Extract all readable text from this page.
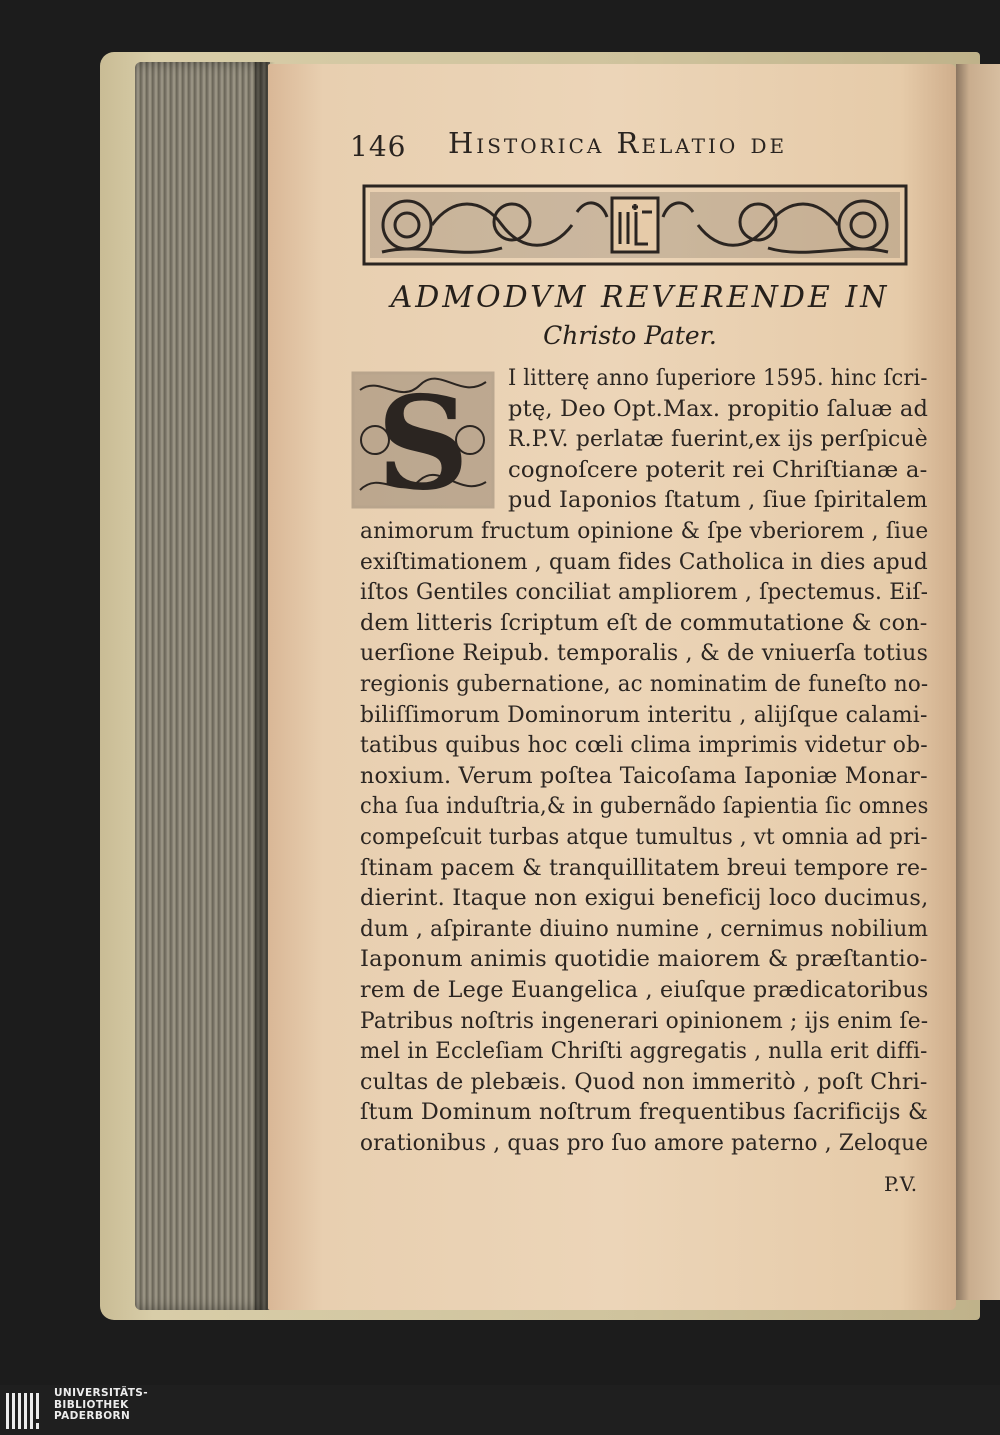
146 Historica Relatio de
ADMODVM REVERENDE IN
Christo Pater.
S I litterę anno ſuperiore 1595. hinc ſcri-
ptę, Deo Opt.Max. propitio ſaluæ ad
R.P.V. perlatæ fuerint,ex ijs perſpicuè
cognoſcere poterit rei Chriſtianæ a-
pud Iaponios ſtatum , ſiue ſpiritalem
animorum fructum opinione & ſpe vberiorem , ſiue
exiſtimationem , quam fides Catholica in dies apud
iſtos Gentiles conciliat ampliorem , ſpectemus. Eiſ-
dem litteris ſcriptum eſt de commutatione & con-
uerſione Reipub. temporalis , & de vniuerſa totius
regionis gubernatione, ac nominatim de funeſto no-
biliſſimorum Dominorum interitu , alijſque calami-
tatibus quibus hoc cœli clima imprimis videtur ob-
noxium. Verum poſtea Taicoſama Iaponiæ Monar-
cha ſua induſtria,& in gubernãdo ſapientia ſic omnes
compeſcuit turbas atque tumultus , vt omnia ad pri-
ſtinam pacem & tranquillitatem breui tempore re-
dierint. Itaque non exigui beneficij loco ducimus,
dum , aſpirante diuino numine , cernimus nobilium
Iaponum animis quotidie maiorem & præſtantio-
rem de Lege Euangelica , eiuſque prædicatoribus
Patribus noſtris ingenerari opinionem ; ijs enim ſe-
mel in Eccleſiam Chriſti aggregatis , nulla erit diffi-
cultas de plebæis. Quod non immeritò , poſt Chri-
ſtum Dominum noſtrum frequentibus ſacrificijs &
orationibus , quas pro ſuo amore paterno , Zeloque
P.V.
UNIVERSITÄTS-
BIBLIOTHEK
PADERBORN
